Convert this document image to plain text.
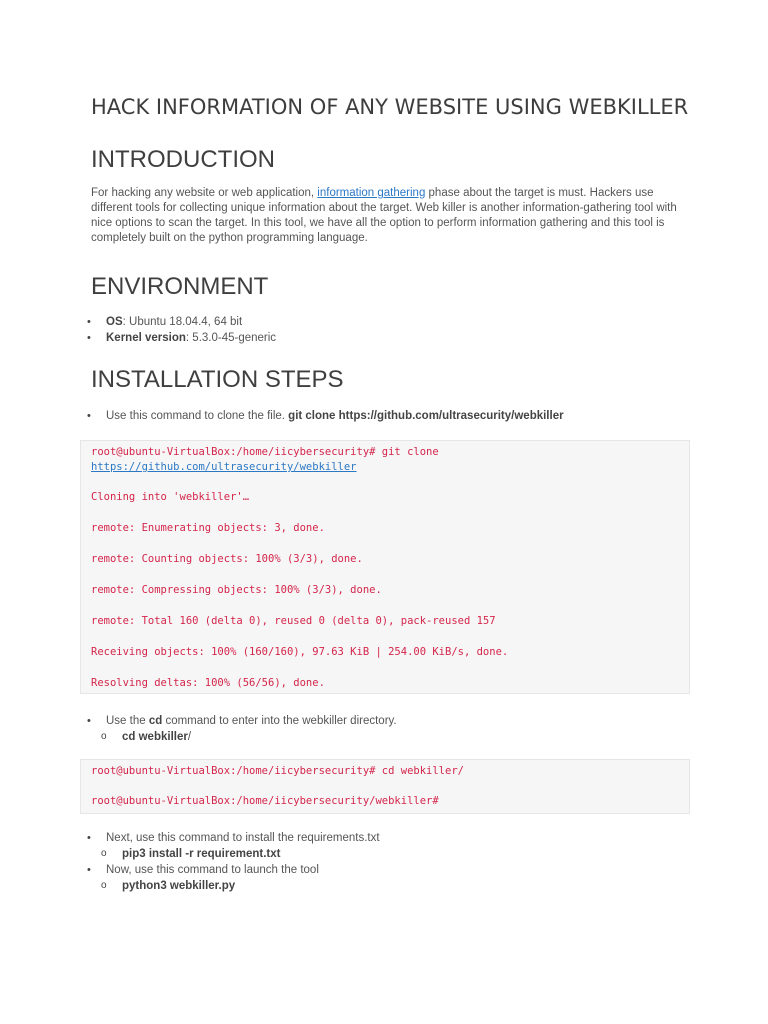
HACK INFORMATION OF ANY WEBSITE USING WEBKILLER
INTRODUCTION

For hacking any website or web application, information gathering phase about the target is must. Hackers use different tools for collecting unique information about the target. Web killer is another information-gathering tool with nice options to scan the target. In this tool, we have all the option to perform information gathering and this tool is completely built on the python programming language.

ENVIRONMENT
• OS: Ubuntu 18.04.4, 64 bit
• Kernel version: 5.3.0-45-generic
INSTALLATION STEPS
• Use this command to clone the file. git clone https://github.com/ultrasecurity/webkiller
root@ubuntu-VirtualBox:/home/iicybersecurity# git clone
https://github.com/ultrasecurity/webkiller
Cloning into 'webkiller'…
remote: Enumerating objects: 3, done.
remote: Counting objects: 100% (3/3), done.
remote: Compressing objects: 100% (3/3), done.
remote: Total 160 (delta 0), reused 0 (delta 0), pack-reused 157
Receiving objects: 100% (160/160), 97.63 KiB | 254.00 KiB/s, done.
Resolving deltas: 100% (56/56), done.
• Use the cd command to enter into the webkiller directory.
o cd webkiller/
root@ubuntu-VirtualBox:/home/iicybersecurity# cd webkiller/
root@ubuntu-VirtualBox:/home/iicybersecurity/webkiller#
• Next, use this command to install the requirements.txt
o pip3 install -r requirement.txt
• Now, use this command to launch the tool
o python3 webkiller.py
